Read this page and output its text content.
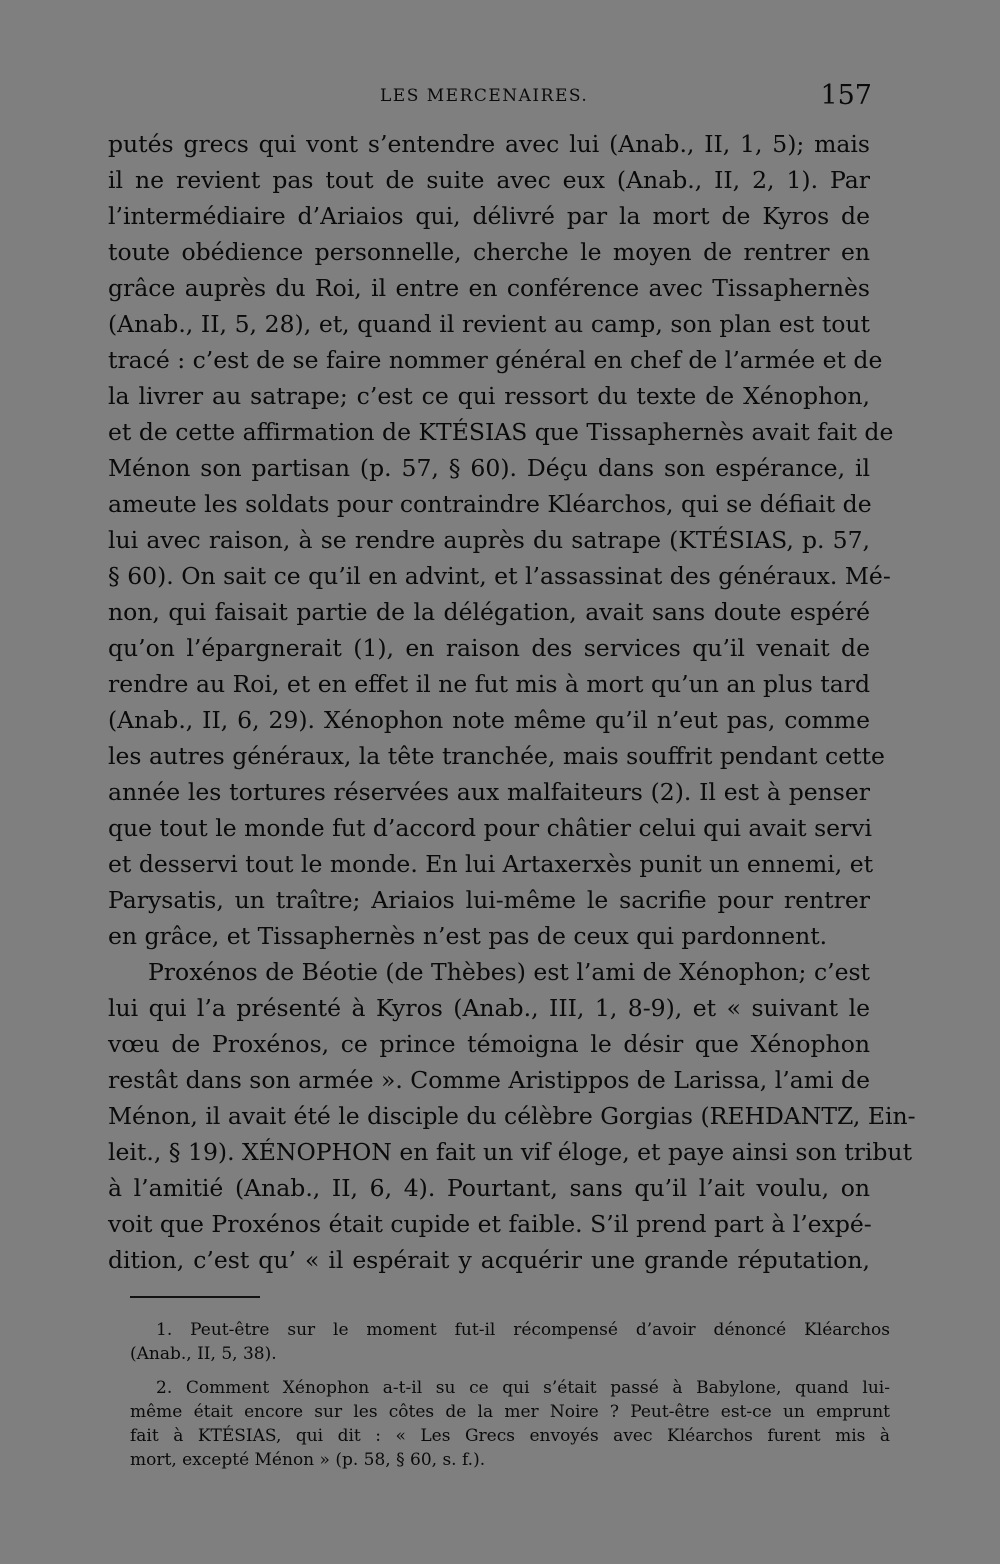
LES MERCENAIRES.	157
putés grecs qui vont s’entendre avec lui (Anab., II, 1, 5); mais
il ne revient pas tout de suite avec eux (Anab., II, 2, 1). Par
l’intermédiaire d’Ariaios qui, délivré par la mort de Kyros de
toute obédience personnelle, cherche le moyen de rentrer en
grâce auprès du Roi, il entre en conférence avec Tissaphernès
(Anab., II, 5, 28), et, quand il revient au camp, son plan est tout
tracé : c’est de se faire nommer général en chef de l’armée et de
la livrer au satrape; c’est ce qui ressort du texte de Xénophon,
et de cette affirmation de KTÉSIAS que Tissaphernès avait fait de
Ménon son partisan (p. 57, § 60). Déçu dans son espérance, il
ameute les soldats pour contraindre Kléarchos, qui se défiait de
lui avec raison, à se rendre auprès du satrape (KTÉSIAS, p. 57,
§ 60). On sait ce qu’il en advint, et l’assassinat des généraux. Mé-
non, qui faisait partie de la délégation, avait sans doute espéré
qu’on l’épargnerait (1), en raison des services qu’il venait de
rendre au Roi, et en effet il ne fut mis à mort qu’un an plus tard
(Anab., II, 6, 29). Xénophon note même qu’il n’eut pas, comme
les autres généraux, la tête tranchée, mais souffrit pendant cette
année les tortures réservées aux malfaiteurs (2). Il est à penser
que tout le monde fut d’accord pour châtier celui qui avait servi
et desservi tout le monde. En lui Artaxerxès punit un ennemi, et
Parysatis, un traître; Ariaios lui-même le sacrifie pour rentrer
en grâce, et Tissaphernès n’est pas de ceux qui pardonnent.
Proxénos de Béotie (de Thèbes) est l’ami de Xénophon; c’est
lui qui l’a présenté à Kyros (Anab., III, 1, 8-9), et « suivant le
vœu de Proxénos, ce prince témoigna le désir que Xénophon
restât dans son armée ». Comme Aristippos de Larissa, l’ami de
Ménon, il avait été le disciple du célèbre Gorgias (REHDANTZ, Ein-
leit., § 19). XÉNOPHON en fait un vif éloge, et paye ainsi son tribut
à l’amitié (Anab., II, 6, 4). Pourtant, sans qu’il l’ait voulu, on
voit que Proxénos était cupide et faible. S’il prend part à l’expé-
dition, c’est qu’ « il espérait y acquérir une grande réputation,
1. Peut-être sur le moment fut-il récompensé d’avoir dénoncé Kléarchos
(Anab., II, 5, 38).
2. Comment Xénophon a-t-il su ce qui s’était passé à Babylone, quand lui-
même était encore sur les côtes de la mer Noire ? Peut-être est-ce un emprunt
fait à KTÉSIAS, qui dit : « Les Grecs envoyés avec Kléarchos furent mis à
mort, excepté Ménon » (p. 58, § 60, s. f.).
